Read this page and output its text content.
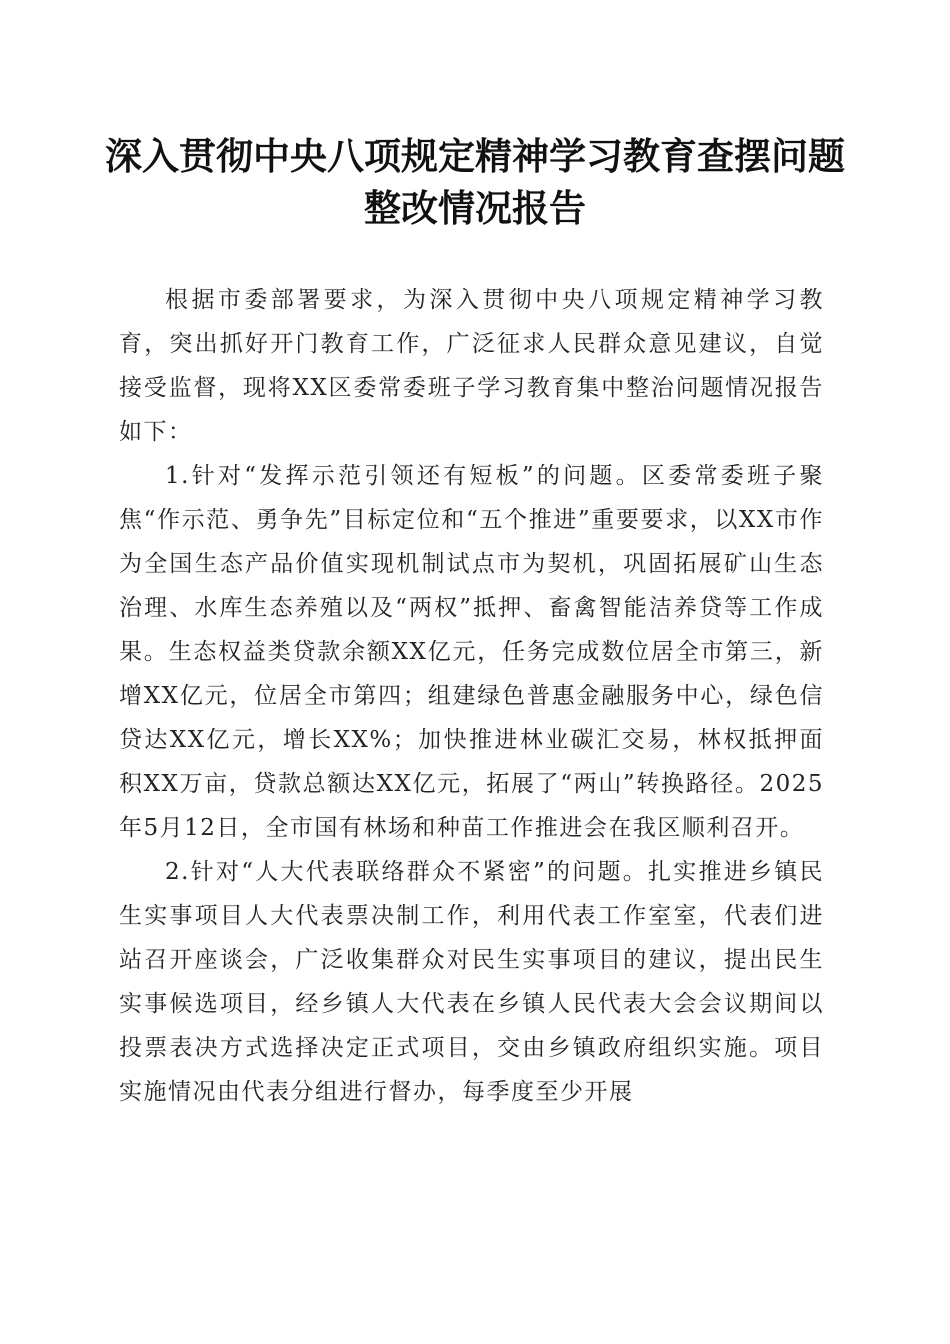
深入贯彻中央八项规定精神学习教育查摆问题
整改情况报告

根据市委部署要求，为深入贯彻中央八项规定精神学习教育，突出抓好开门教育工作，广泛征求人民群众意见建议，自觉接受监督，现将XX区委常委班子学习教育集中整治问题情况报告如下：

1.针对“发挥示范引领还有短板”的问题。区委常委班子聚焦“作示范、勇争先”目标定位和“五个推进”重要要求，以XX市作为全国生态产品价值实现机制试点市为契机，巩固拓展矿山生态治理、水库生态养殖以及“两权”抵押、畜禽智能洁养贷等工作成果。生态权益类贷款余额XX亿元，任务完成数位居全市第三，新增XX亿元，位居全市第四；组建绿色普惠金融服务中心，绿色信贷达XX亿元，增长XX%；加快推进林业碳汇交易，林权抵押面积XX万亩，贷款总额达XX亿元，拓展了“两山”转换路径。2025年5月12日，全市国有林场和种苗工作推进会在我区顺利召开。

2.针对“人大代表联络群众不紧密”的问题。扎实推进乡镇民生实事项目人大代表票决制工作，利用代表工作室室，代表们进站召开座谈会，广泛收集群众对民生实事项目的建议，提出民生实事候选项目，经乡镇人大代表在乡镇人民代表大会会议期间以投票表决方式选择决定正式项目，交由乡镇政府组织实施。项目实施情况由代表分组进行督办，每季度至少开展
